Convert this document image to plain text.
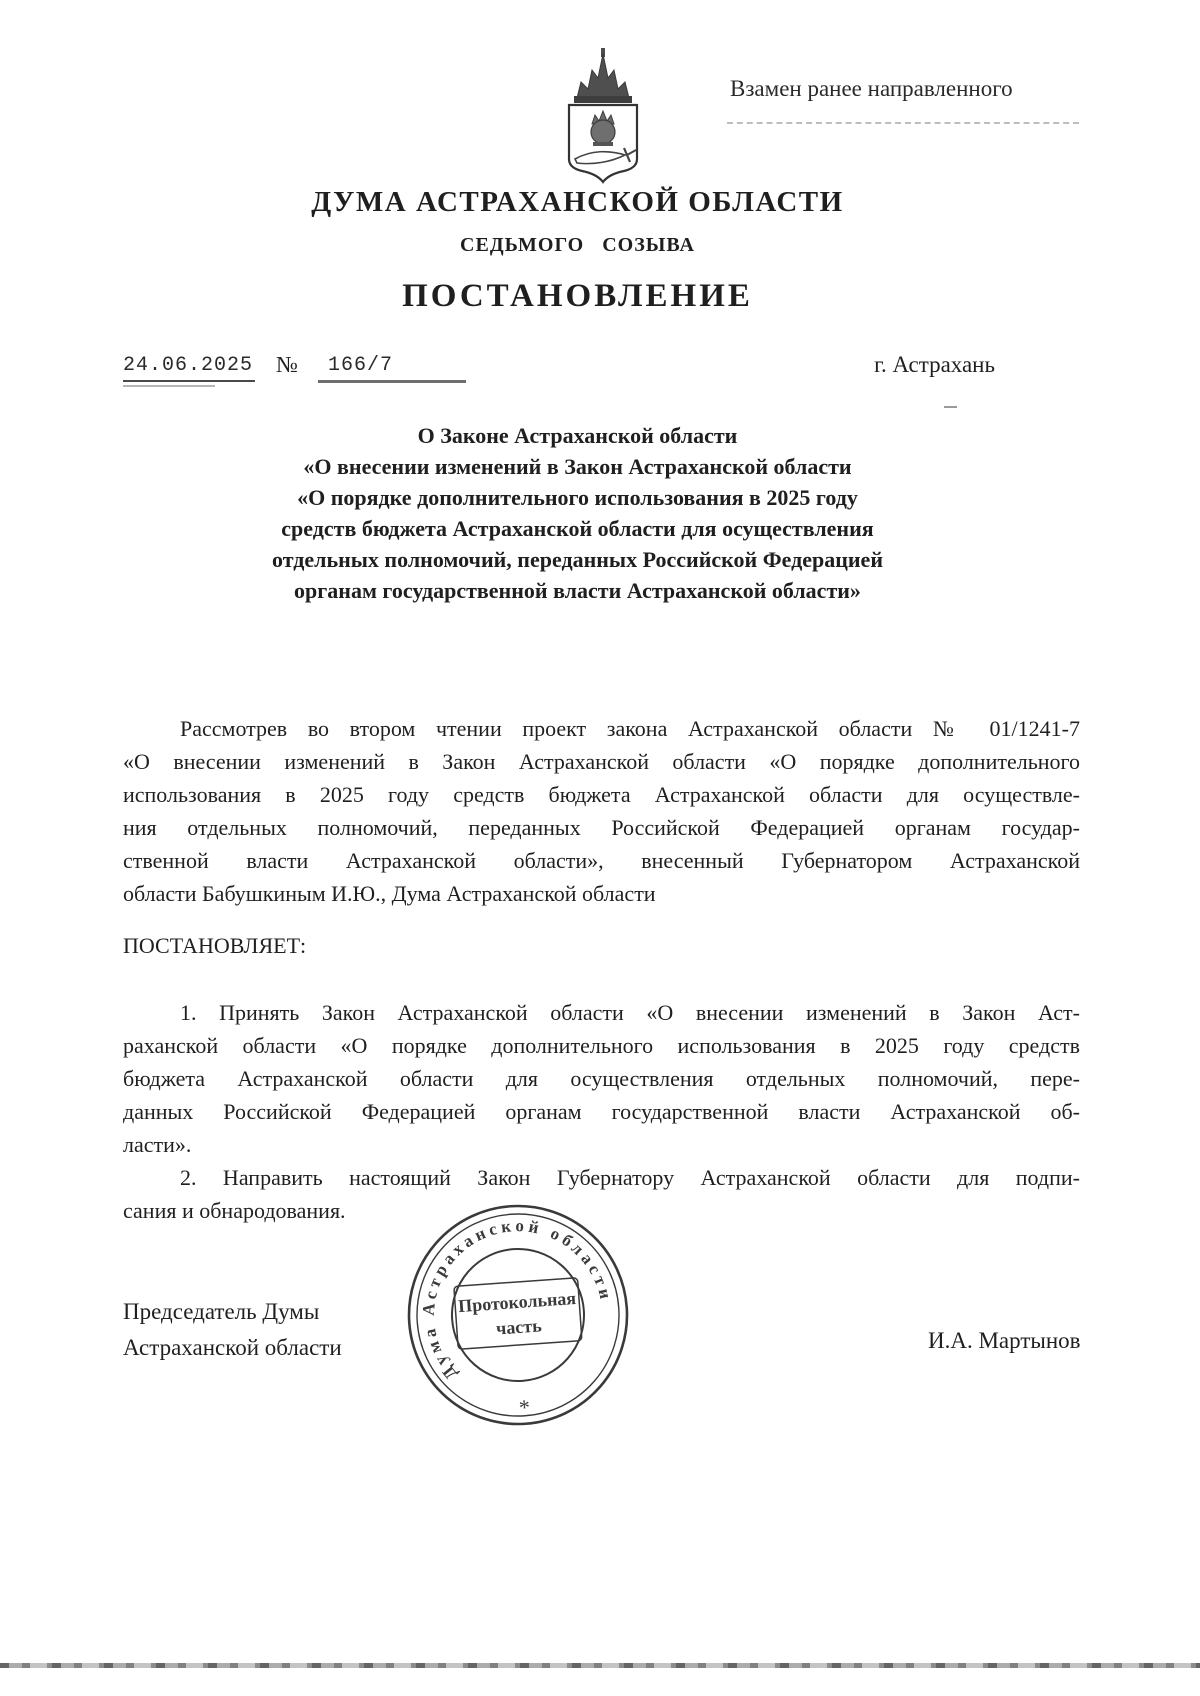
Взамен ранее направленного
ДУМА АСТРАХАНСКОЙ ОБЛАСТИ
СЕДЬМОГО СОЗЫВА
ПОСТАНОВЛЕНИЕ
24.06.2025 №	166/7	г. Астрахань
О Законе Астраханской области
«О внесении изменений в Закон Астраханской области
«О порядке дополнительного использования в 2025 году
средств бюджета Астраханской области для осуществления
отдельных полномочий, переданных Российской Федерацией
органам государственной власти Астраханской области»
Рассмотрев во втором чтении проект закона Астраханской области № 01/1241-7
«О внесении изменений в Закон Астраханской области «О порядке дополнительного
использования в 2025 году средств бюджета Астраханской области для осуществле-
ния отдельных полномочий, переданных Российской Федерацией органам государ-
ственной власти Астраханской области», внесенный Губернатором Астраханской
области Бабушкиным И.Ю., Дума Астраханской области
ПОСТАНОВЛЯЕТ:
1. Принять Закон Астраханской области «О внесении изменений в Закон Аст-
раханской области «О порядке дополнительного использования в 2025 году средств
бюджета Астраханской области для осуществления отдельных полномочий, пере-
данных Российской Федерацией органам государственной власти Астраханской об-
ласти».
2. Направить настоящий Закон Губернатору Астраханской области для подпи-
сания и обнародования.
Председатель Думы
Астраханской области	И.А. Мартынов
Дума Астраханской области
*
Протокольная
часть
